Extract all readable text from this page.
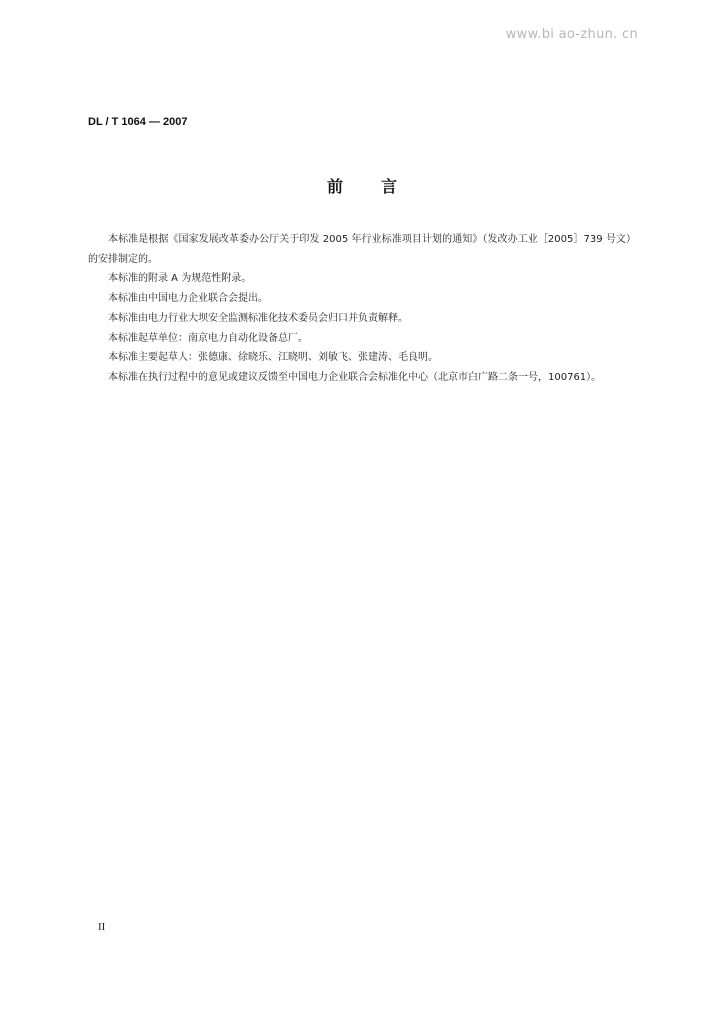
www.bi ao-zhun. cn
DL / T 1064 — 2007
前言

本标准是根据《国家发展改革委办公厅关于印发 2005 年行业标准项目计划的通知》（发改办工业［2005］739 号文）的安排制定的。

本标准的附录 A 为规范性附录。

本标准由中国电力企业联合会提出。

本标准由电力行业大坝安全监测标准化技术委员会归口并负责解释。

本标准起草单位：南京电力自动化设备总厂。

本标准主要起草人：张德康、徐晓乐、江晓明、刘敏飞、张建涛、毛良明。

本标准在执行过程中的意见或建议反馈至中国电力企业联合会标准化中心（北京市白广路二条一号，100761）。

II
